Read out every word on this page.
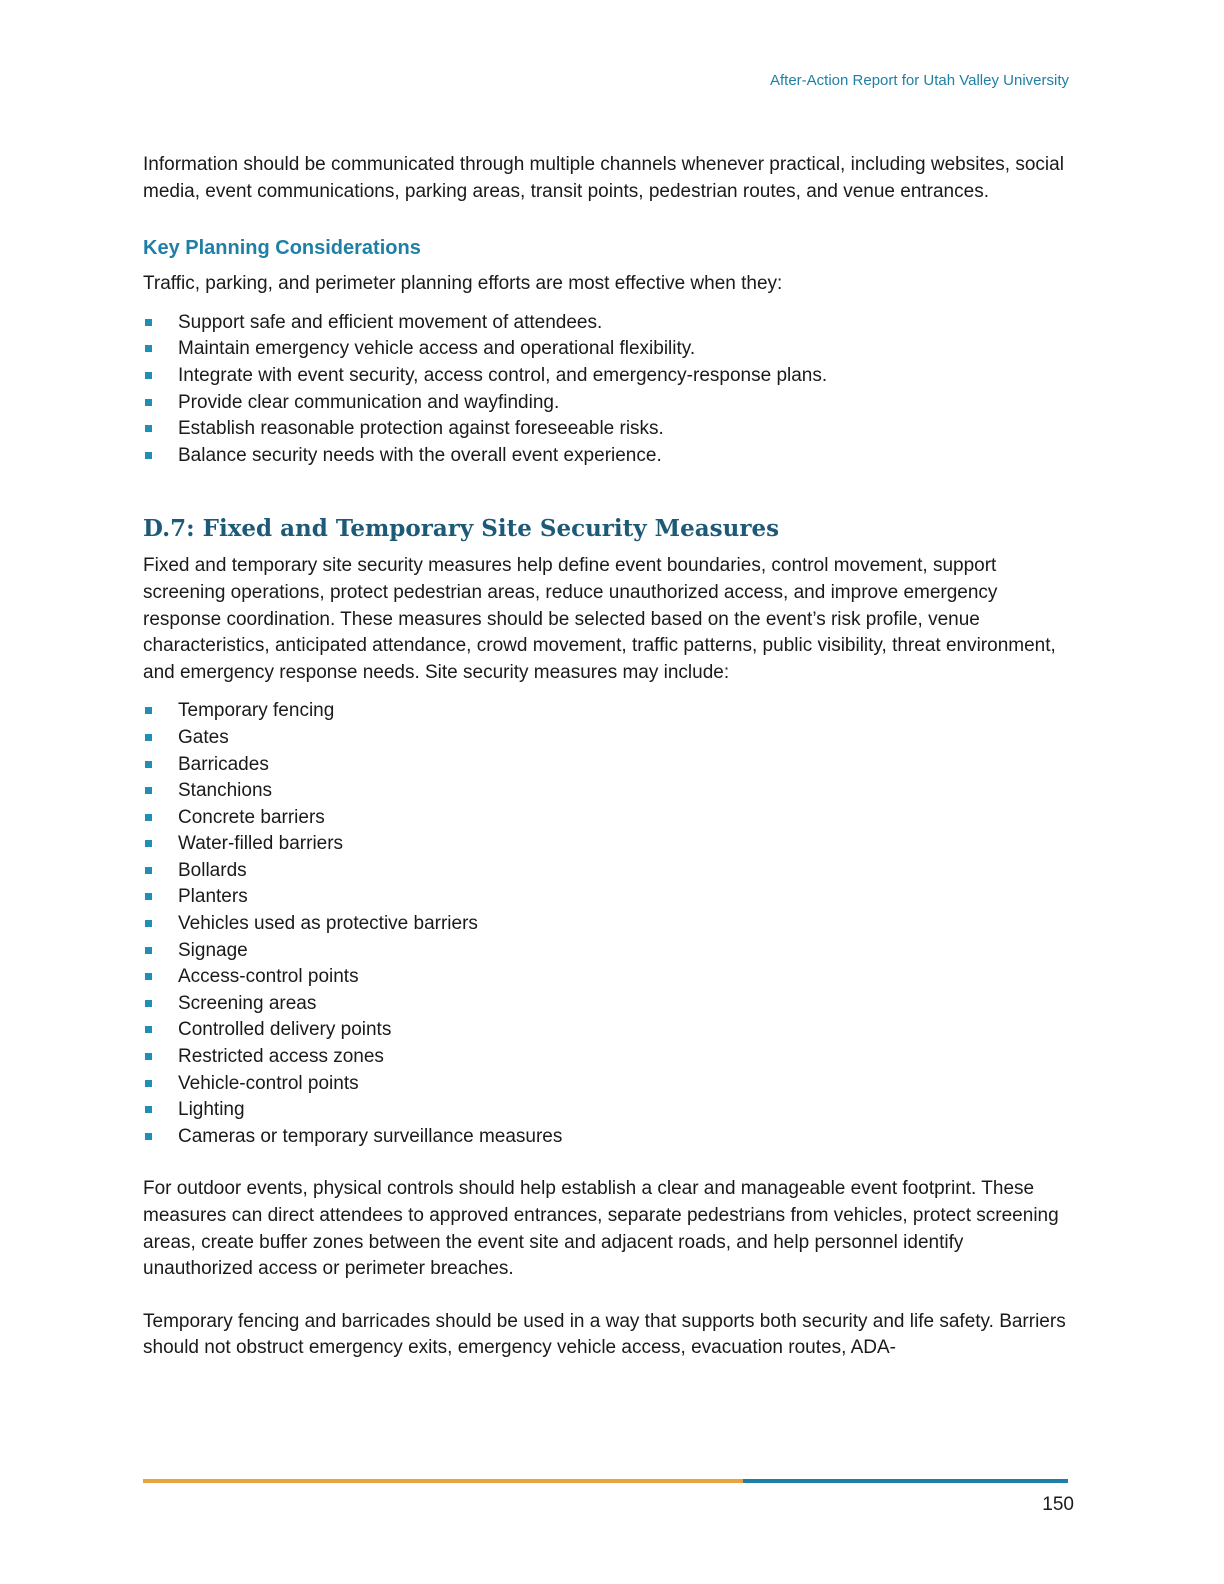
After-Action Report for Utah Valley University

Information should be communicated through multiple channels whenever practical, including websites, social media, event communications, parking areas, transit points, pedestrian routes, and venue entrances.

Key Planning Considerations

Traffic, parking, and perimeter planning efforts are most effective when they:

Support safe and efficient movement of attendees.
Maintain emergency vehicle access and operational flexibility.
Integrate with event security, access control, and emergency-response plans.
Provide clear communication and wayfinding.
Establish reasonable protection against foreseeable risks.
Balance security needs with the overall event experience.
D.7: Fixed and Temporary Site Security Measures

Fixed and temporary site security measures help define event boundaries, control movement, support screening operations, protect pedestrian areas, reduce unauthorized access, and improve emergency response coordination. These measures should be selected based on the event’s risk profile, venue characteristics, anticipated attendance, crowd movement, traffic patterns, public visibility, threat environment, and emergency response needs. Site security measures may include:

Temporary fencing
Gates
Barricades
Stanchions
Concrete barriers
Water-filled barriers
Bollards
Planters
Vehicles used as protective barriers
Signage
Access-control points
Screening areas
Controlled delivery points
Restricted access zones
Vehicle-control points
Lighting
Cameras or temporary surveillance measures

For outdoor events, physical controls should help establish a clear and manageable event footprint. These measures can direct attendees to approved entrances, separate pedestrians from vehicles, protect screening areas, create buffer zones between the event site and adjacent roads, and help personnel identify unauthorized access or perimeter breaches.

Temporary fencing and barricades should be used in a way that supports both security and life safety. Barriers should not obstruct emergency exits, emergency vehicle access, evacuation routes, ADA-

150
